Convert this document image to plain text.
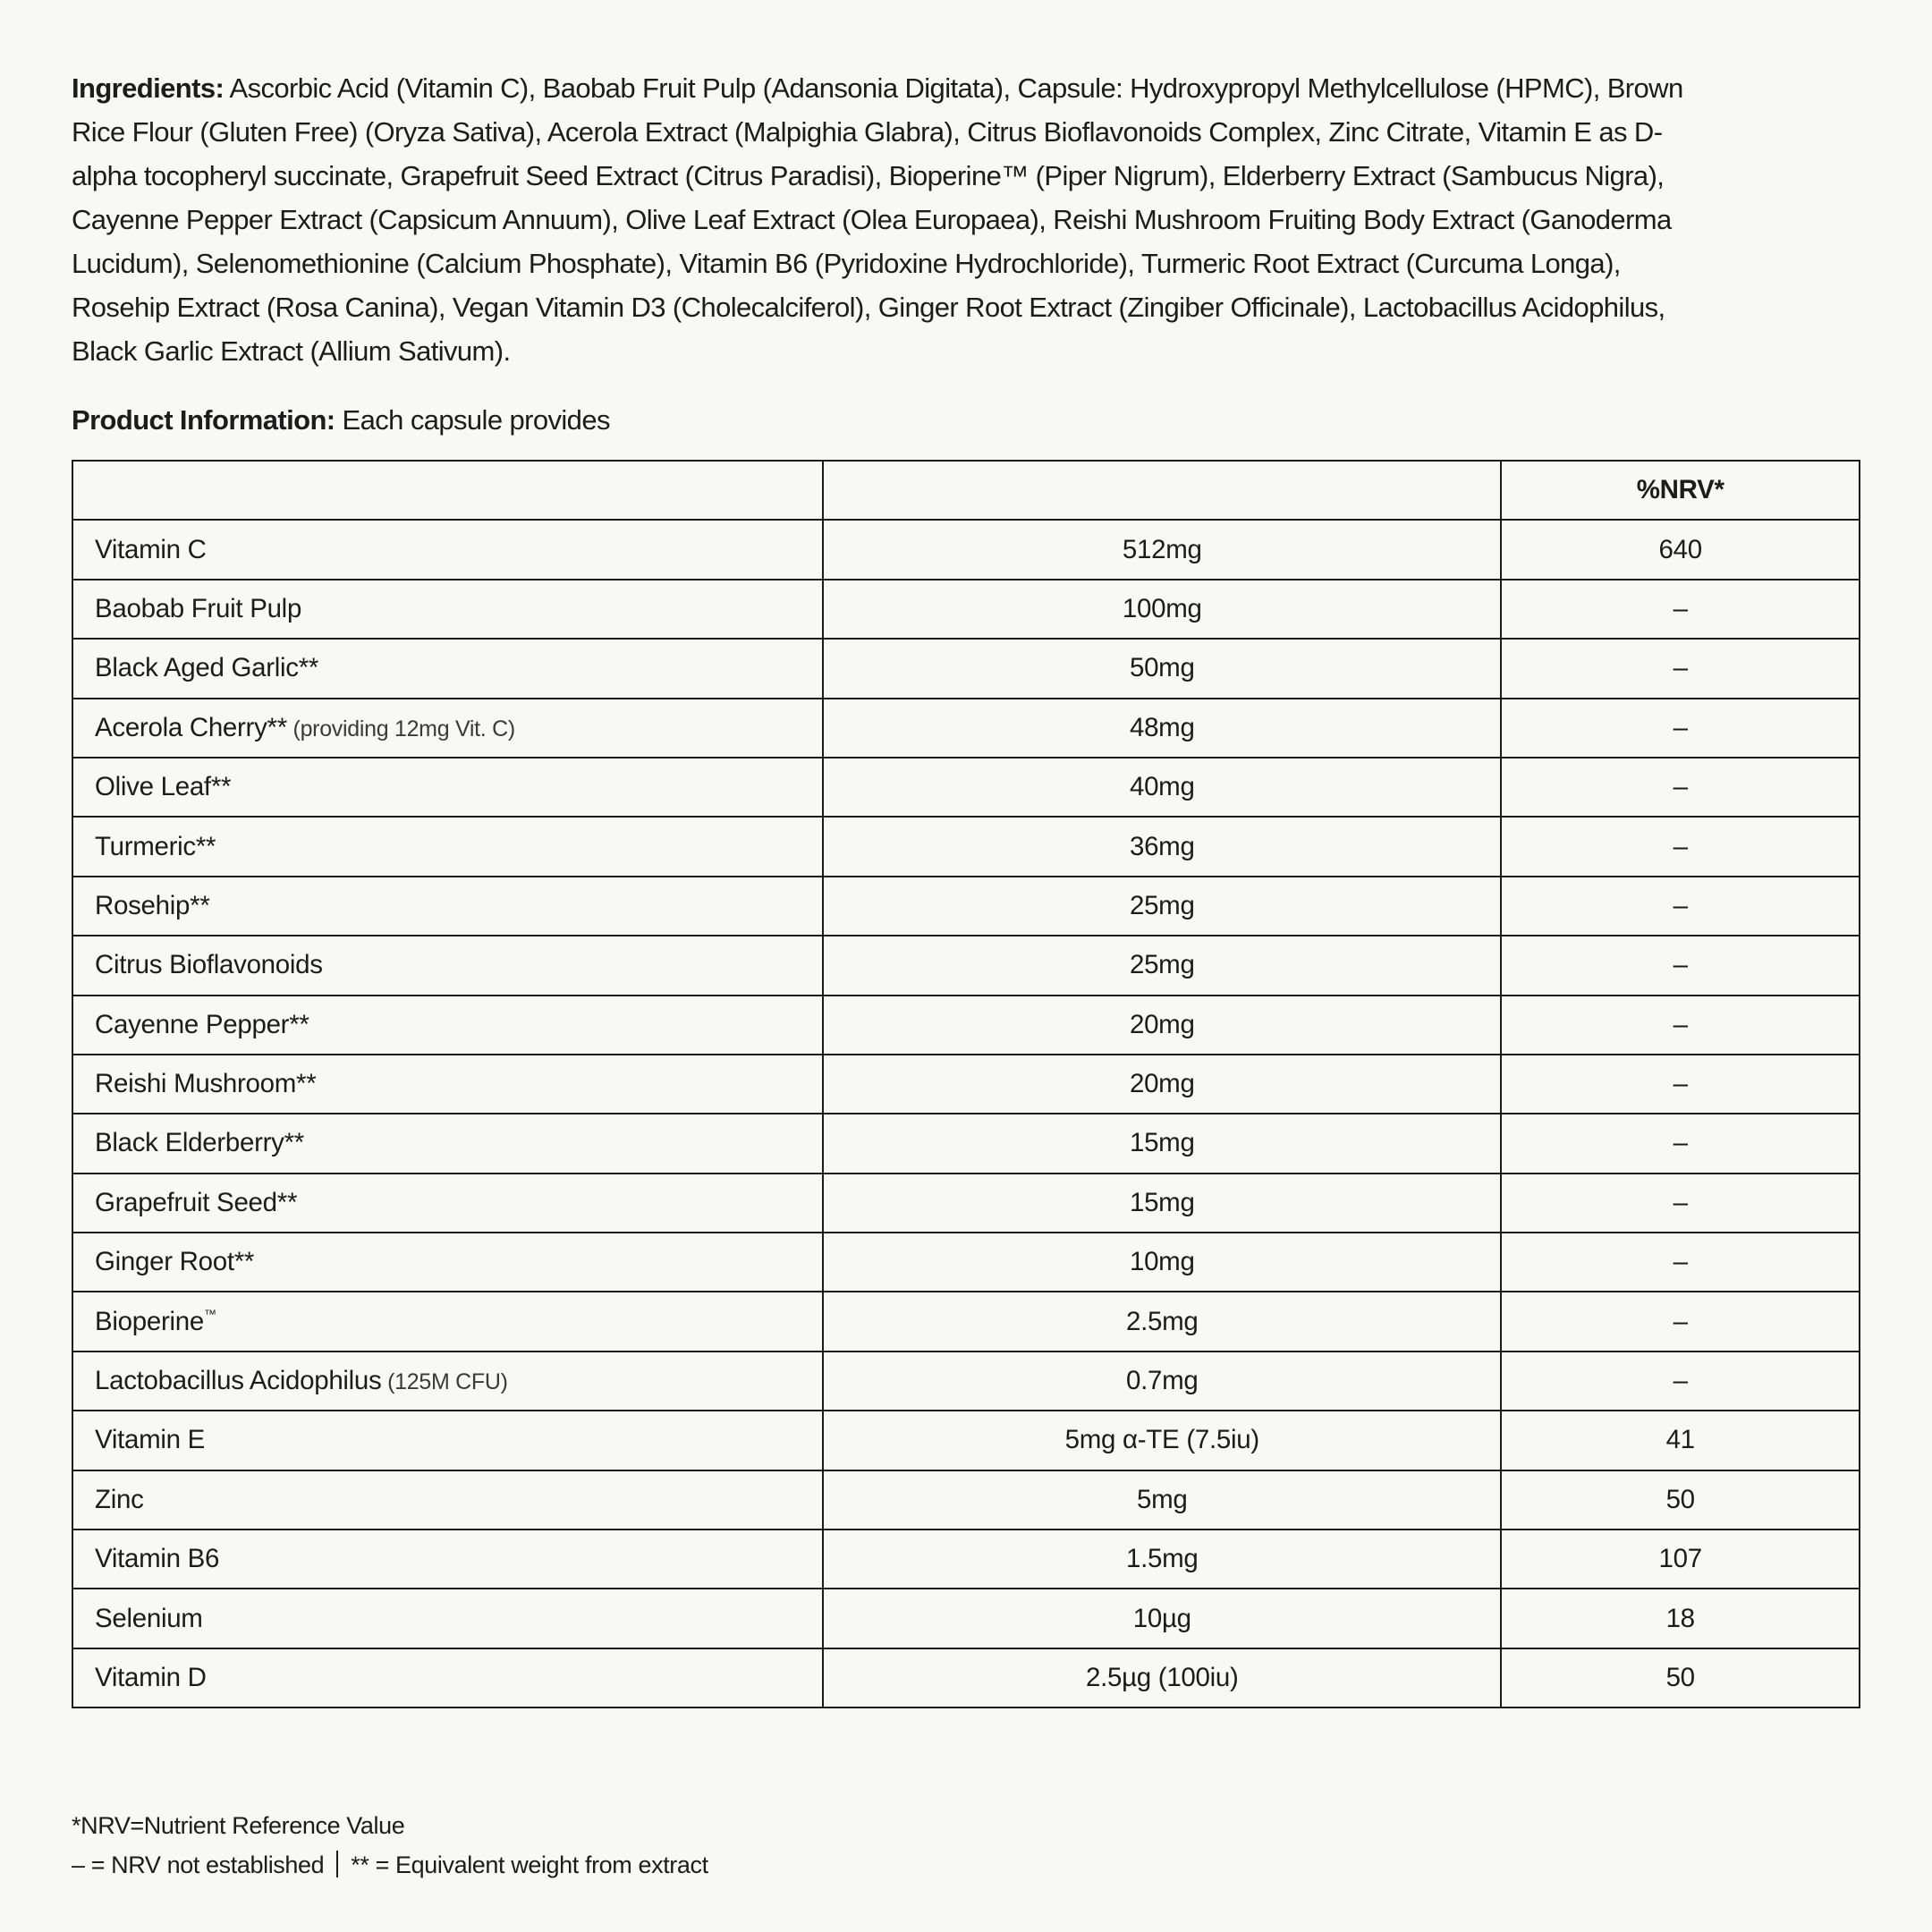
Ingredients: Ascorbic Acid (Vitamin C), Baobab Fruit Pulp (Adansonia Digitata), Capsule: Hydroxypropyl Methylcellulose (HPMC), Brown
Rice Flour (Gluten Free) (Oryza Sativa), Acerola Extract (Malpighia Glabra), Citrus Bioflavonoids Complex, Zinc Citrate, Vitamin E as D-
alpha tocopheryl succinate, Grapefruit Seed Extract (Citrus Paradisi), Bioperine™ (Piper Nigrum), Elderberry Extract (Sambucus Nigra),
Cayenne Pepper Extract (Capsicum Annuum), Olive Leaf Extract (Olea Europaea), Reishi Mushroom Fruiting Body Extract (Ganoderma
Lucidum), Selenomethionine (Calcium Phosphate), Vitamin B6 (Pyridoxine Hydrochloride), Turmeric Root Extract (Curcuma Longa),
Rosehip Extract (Rosa Canina), Vegan Vitamin D3 (Cholecalciferol), Ginger Root Extract (Zingiber Officinale), Lactobacillus Acidophilus,
Black Garlic Extract (Allium Sativum).
Product Information: Each capsule provides
		%NRV*
Vitamin C	512mg	640
Baobab Fruit Pulp	100mg	–
Black Aged Garlic**	50mg	–
Acerola Cherry** (providing 12mg Vit. C)	48mg	–
Olive Leaf**	40mg	–
Turmeric**	36mg	–
Rosehip**	25mg	–
Citrus Bioflavonoids	25mg	–
Cayenne Pepper**	20mg	–
Reishi Mushroom**	20mg	–
Black Elderberry**	15mg	–
Grapefruit Seed**	15mg	–
Ginger Root**	10mg	–
Bioperine™	2.5mg	–
Lactobacillus Acidophilus (125M CFU)	0.7mg	–
Vitamin E	5mg α-TE (7.5iu)	41
Zinc	5mg	50
Vitamin B6	1.5mg	107
Selenium	10µg	18
Vitamin D	2.5µg (100iu)	50
*NRV=Nutrient Reference Value
– = NRV not established ** = Equivalent weight from extract
